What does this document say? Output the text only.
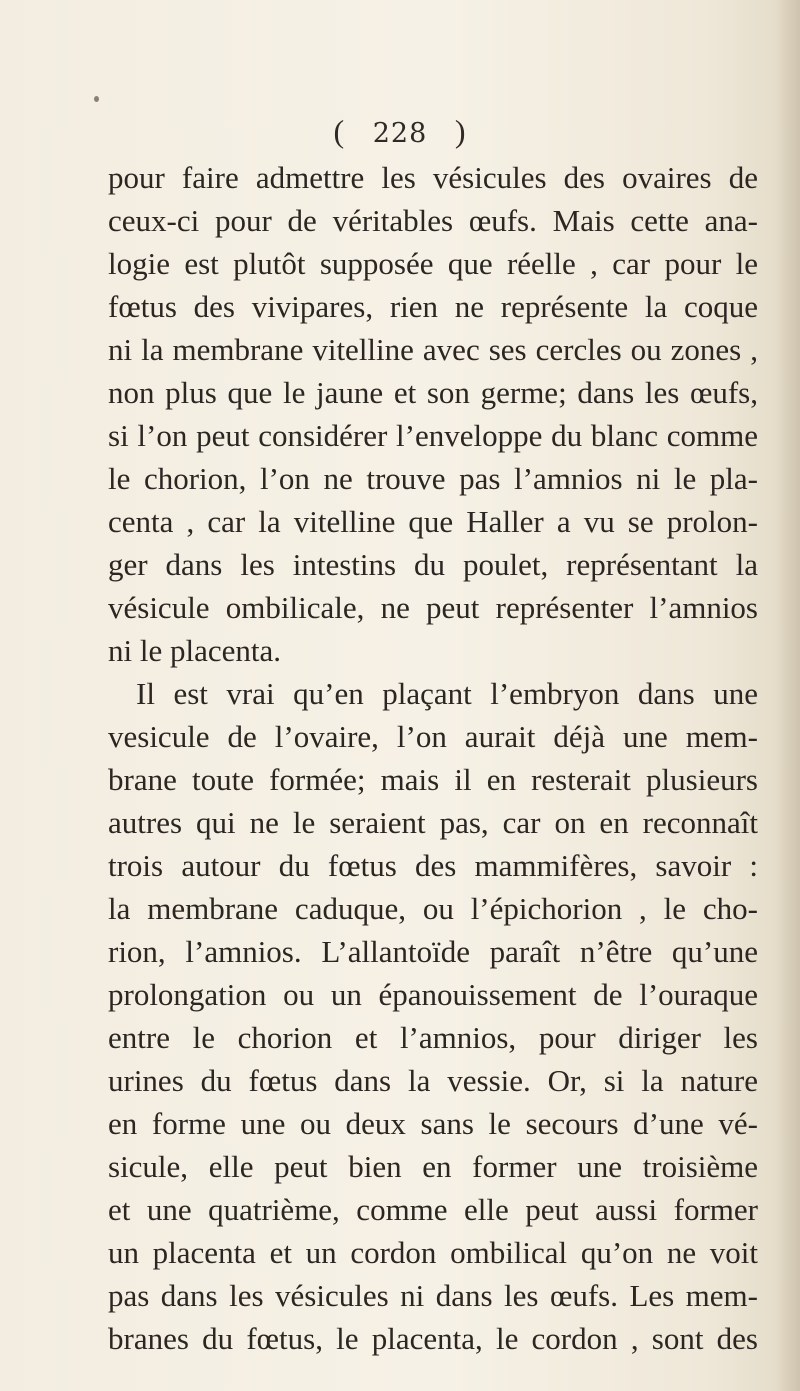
( 228 )
pour faire admettre les vésicules des ovaires de
ceux-ci pour de véritables œufs. Mais cette ana-
logie est plutôt supposée que réelle , car pour le
fœtus des vivipares, rien ne représente la coque
ni la membrane vitelline avec ses cercles ou zones ,
non plus que le jaune et son germe; dans les œufs,
si l’on peut considérer l’enveloppe du blanc comme
le chorion, l’on ne trouve pas l’amnios ni le pla-
centa , car la vitelline que Haller a vu se prolon-
ger dans les intestins du poulet, représentant la
vésicule ombilicale, ne peut représenter l’amnios
ni le placenta.
Il est vrai qu’en plaçant l’embryon dans une
vesicule de l’ovaire, l’on aurait déjà une mem-
brane toute formée; mais il en resterait plusieurs
autres qui ne le seraient pas, car on en reconnaît
trois autour du fœtus des mammifères, savoir :
la membrane caduque, ou l’épichorion , le cho-
rion, l’amnios. L’allantoïde paraît n’être qu’une
prolongation ou un épanouissement de l’ouraque
entre le chorion et l’amnios, pour diriger les
urines du fœtus dans la vessie. Or, si la nature
en forme une ou deux sans le secours d’une vé-
sicule, elle peut bien en former une troisième
et une quatrième, comme elle peut aussi former
un placenta et un cordon ombilical qu’on ne voit
pas dans les vésicules ni dans les œufs. Les mem-
branes du fœtus, le placenta, le cordon , sont des
